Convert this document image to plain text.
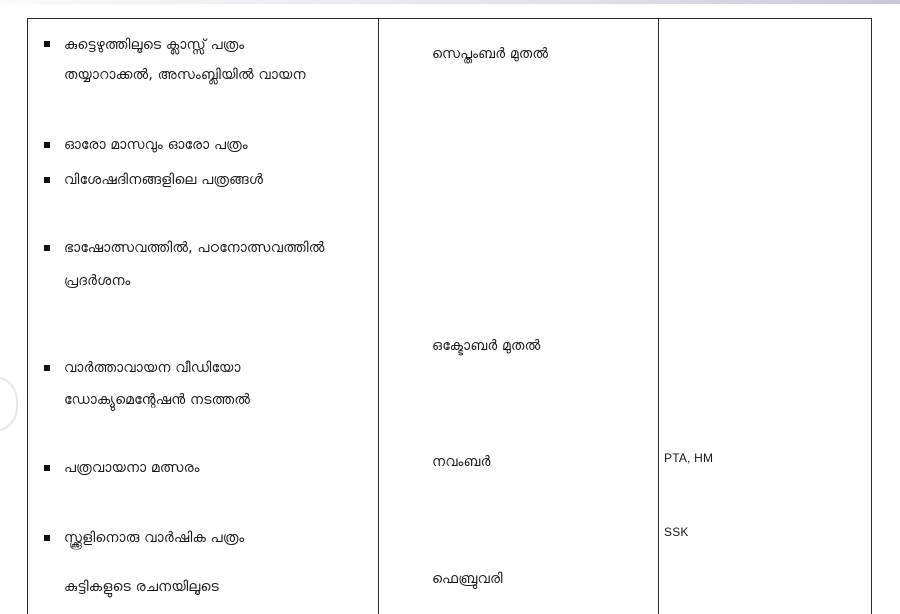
കുട്ടെഴുത്തിലൂടെ ക്ലാസ്സ് പത്രം
തയ്യാറാക്കൽ, അസംബ്ലിയിൽ വായന
ഓരോ മാസവും ഓരോ പത്രം
വിശേഷദിനങ്ങളിലെ പത്രങ്ങൾ
ഭാഷോത്സവത്തിൽ, പഠനോത്സവത്തിൽ
പ്രദർശനം
വാർത്താവായന വീഡിയോ
ഡോക്യുമെന്റേഷൻ നടത്തൽ
പത്രവായനാ മത്സരം
സ്ക്കൂളിനൊരു വാർഷിക പത്രം
കുട്ടികളുടെ രചനയിലൂടെ
സെപ്തംബർ മുതൽ
ഒക്ടോബർ മുതൽ
നവംബർ
ഫെബ്രുവരി
PTA, HM
SSK
